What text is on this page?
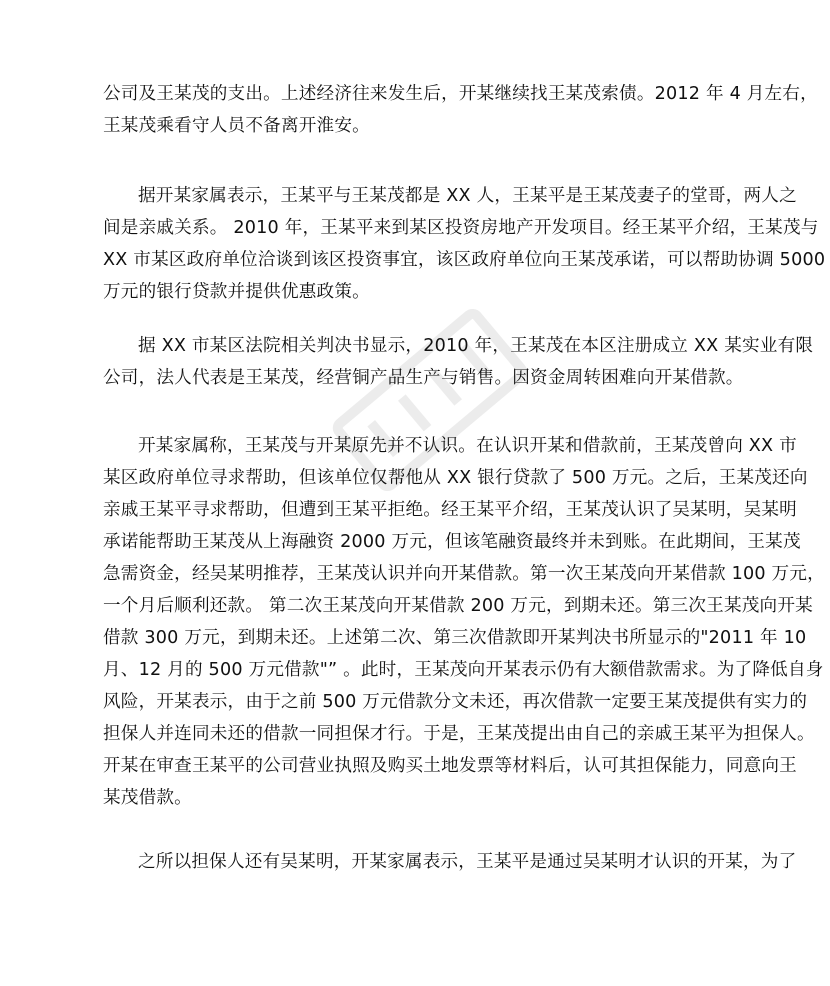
公司及王某茂的支出。上述经济往来发生后，开某继续找王某茂索债。2012 年 4 月左右，
王某茂乘看守人员不备离开淮安。

据开某家属表示，王某平与王某茂都是 XX 人，王某平是王某茂妻子的堂哥，两人之
间是亲戚关系。 2010 年，王某平来到某区投资房地产开发项目。经王某平介绍，王某茂与
XX 市某区政府单位洽谈到该区投资事宜，该区政府单位向王某茂承诺，可以帮助协调 5000
万元的银行贷款并提供优惠政策。

据 XX 市某区法院相关判决书显示，2010 年，王某茂在本区注册成立 XX 某实业有限
公司，法人代表是王某茂，经营铜产品生产与销售。因资金周转困难向开某借款。

开某家属称，王某茂与开某原先并不认识。在认识开某和借款前，王某茂曾向 XX 市
某区政府单位寻求帮助，但该单位仅帮他从 XX 银行贷款了 500 万元。之后，王某茂还向
亲戚王某平寻求帮助，但遭到王某平拒绝。经王某平介绍，王某茂认识了吴某明，吴某明
承诺能帮助王某茂从上海融资 2000 万元，但该笔融资最终并未到账。在此期间，王某茂
急需资金，经吴某明推荐，王某茂认识并向开某借款。第一次王某茂向开某借款 100 万元，
一个月后顺利还款。 第二次王某茂向开某借款 200 万元，到期未还。第三次王某茂向开某
借款 300 万元，到期未还。上述第二次、第三次借款即开某判决书所显示的"2011 年 10
月、12 月的 500 万元借款"” 。此时，王某茂向开某表示仍有大额借款需求。为了降低自身
风险，开某表示，由于之前 500 万元借款分文未还，再次借款一定要王某茂提供有实力的
担保人并连同未还的借款一同担保才行。于是，王某茂提出由自己的亲戚王某平为担保人。
开某在审查王某平的公司营业执照及购买土地发票等材料后，认可其担保能力，同意向王
某茂借款。

之所以担保人还有吴某明，开某家属表示，王某平是通过吴某明才认识的开某，为了
